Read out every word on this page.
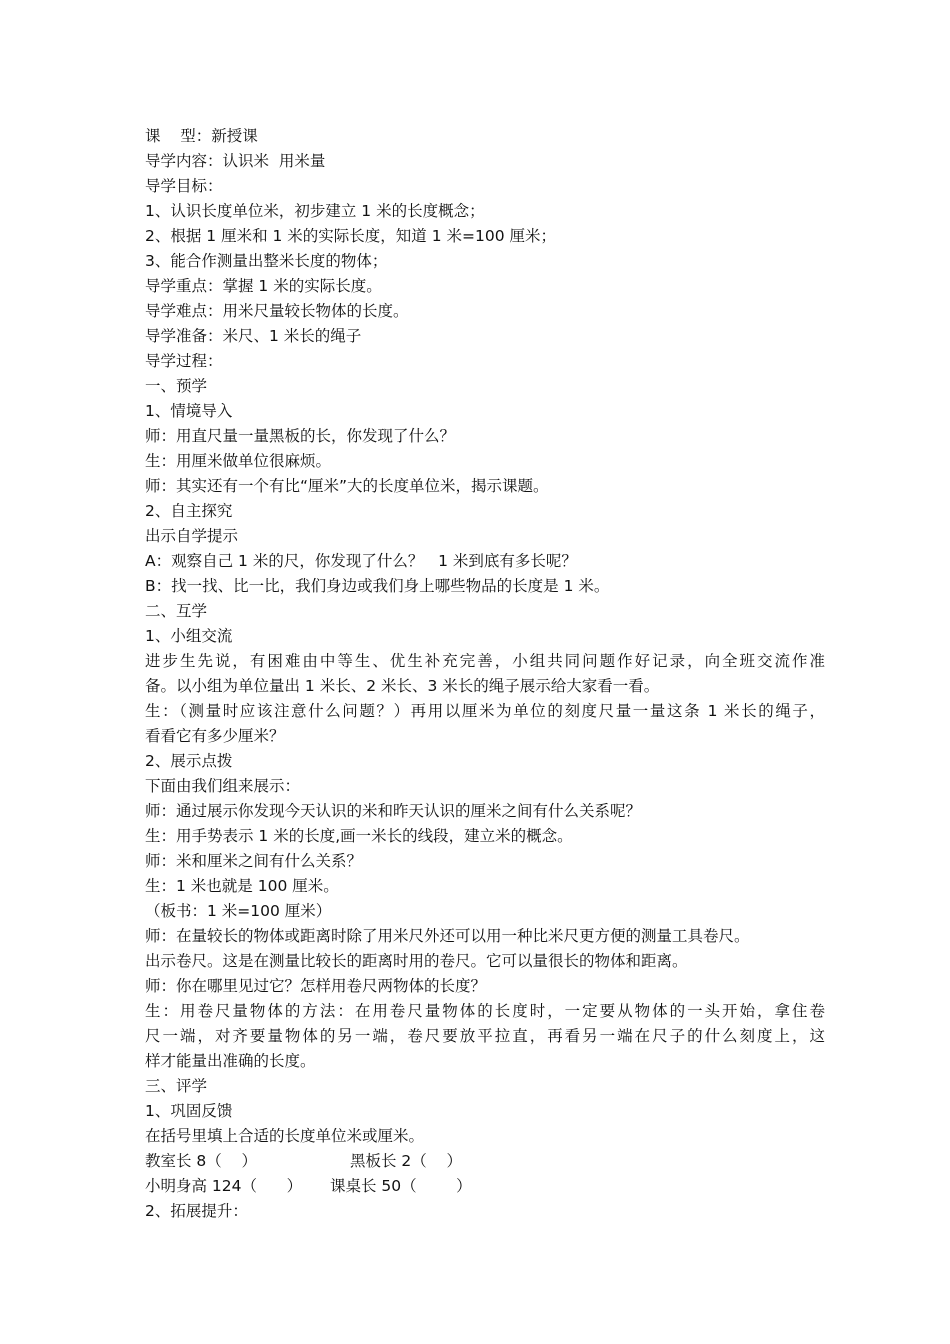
课    型：新授课
导学内容：认识米  用米量
导学目标：
1、认识长度单位米，初步建立 1 米的长度概念；
2、根据 1 厘米和 1 米的实际长度，知道 1 米=100 厘米；
3、能合作测量出整米长度的物体；
导学重点：掌握 1 米的实际长度。
导学难点：用米尺量较长物体的长度。
导学准备：米尺、1 米长的绳子
导学过程：
一、预学
1、情境导入
师：用直尺量一量黑板的长，你发现了什么？
生：用厘米做单位很麻烦。
师：其实还有一个有比“厘米”大的长度单位米，揭示课题。
2、自主探究
出示自学提示
A：观察自己 1 米的尺，你发现了什么？   1 米到底有多长呢？
B：找一找、比一比，我们身边或我们身上哪些物品的长度是 1 米。
二、互学
1、小组交流
进步生先说，有困难由中等生、优生补充完善，小组共同问题作好记录，向全班交流作准
备。以小组为单位量出 1 米长、2 米长、3 米长的绳子展示给大家看一看。
生：（测量时应该注意什么问题？）再用以厘米为单位的刻度尺量一量这条 1 米长的绳子，
看看它有多少厘米？
2、展示点拨
下面由我们组来展示：
师：通过展示你发现今天认识的米和昨天认识的厘米之间有什么关系呢？
生：用手势表示 1 米的长度,画一米长的线段，建立米的概念。
师：米和厘米之间有什么关系？
生：1 米也就是 100 厘米。
（板书：1 米=100 厘米）
师：在量较长的物体或距离时除了用米尺外还可以用一种比米尺更方便的测量工具卷尺。
出示卷尺。这是在测量比较长的距离时用的卷尺。它可以量很长的物体和距离。
师：你在哪里见过它？怎样用卷尺两物体的长度？
生：用卷尺量物体的方法：在用卷尺量物体的长度时，一定要从物体的一头开始，拿住卷
尺一端，对齐要量物体的另一端，卷尺要放平拉直，再看另一端在尺子的什么刻度上，这
样才能量出准确的长度。
三、评学
1、巩固反馈
在括号里填上合适的长度单位米或厘米。
教室长 8（    ）	黑板长 2（    ）
小明身高 124（      ）	课桌长 50（        ）
2、拓展提升：
